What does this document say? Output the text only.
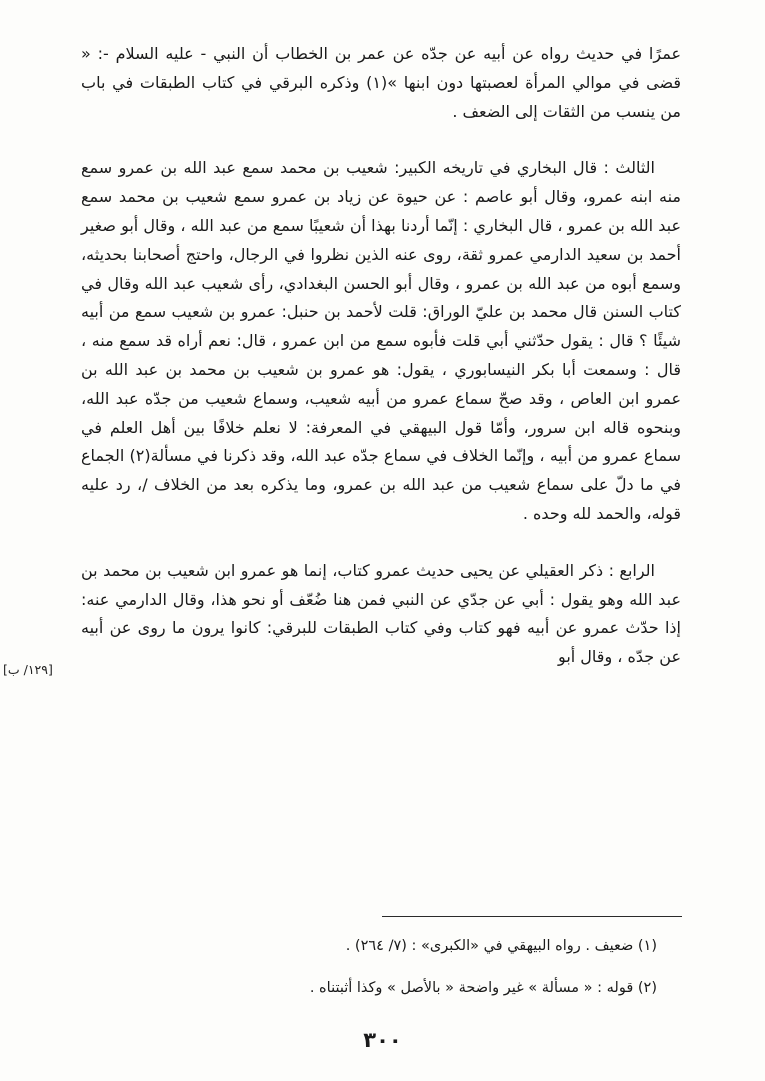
عمرًا في حديث رواه عن أبيه عن جدّه عن عمر بن الخطاب أن النبي - عليه السلام -: « قضى في موالي المرأة لعصبتها دون ابنها »(١) وذكره البرقي في كتاب الطبقات في باب من ينسب من الثقات إلى الضعف .

الثالث : قال البخاري في تاريخه الكبير: شعيب بن محمد سمع عبد الله بن عمرو سمع منه ابنه عمرو، وقال أبو عاصم : عن حيوة عن زياد بن عمرو سمع شعيب بن محمد سمع عبد الله بن عمرو ، قال البخاري : إنّما أردنا بهذا أن شعيبًا سمع من عبد الله ، وقال أبو صغير أحمد بن سعيد الدارمي عمرو ثقة، روى عنه الذين نظروا في الرجال، واحتج أصحابنا بحديثه، وسمع أبوه من عبد الله بن عمرو ، وقال أبو الحسن البغدادي، رأى شعيب عبد الله وقال في كتاب السنن قال محمد بن عليّ الوراق: قلت لأحمد بن حنبل: عمرو بن شعيب سمع من أبيه شيئًا ؟ قال : يقول حدّثني أبي قلت فأبوه سمع من ابن عمرو ، قال: نعم أراه قد سمع منه ، قال : وسمعت أبا بكر النيسابوري ، يقول: هو عمرو بن شعيب بن محمد بن عبد الله بن عمرو ابن العاص ، وقد صحّ سماع عمرو من أبيه شعيب، وسماع شعيب من جدّه عبد الله، وبنحوه قاله ابن سرور، وأمّا قول البيهقي في المعرفة: لا نعلم خلافًا بين أهل العلم في سماع عمرو من أبيه ، وإنّما الخلاف في سماع جدّه عبد الله، وقد ذكرنا في مسألة(٢) الجماع في ما دلّ على سماع شعيب من عبد الله بن عمرو، وما يذكره بعد من الخلاف /، رد عليه قوله، والحمد لله وحده .

الرابع : ذكر العقيلي عن يحيى حديث عمرو كتاب، إنما هو عمرو ابن شعيب بن محمد بن عبد الله وهو يقول : أبي عن جدّي عن النبي فمن هنا ضُعّف أو نحو هذا، وقال الدارمي عنه: إذا حدّث عمرو عن أبيه فهو كتاب وفي كتاب الطبقات للبرقي: كانوا يرون ما روى عن أبيه عن جدّه ، وقال أبو

[١٢٩/ ب]

(١) ضعيف . رواه البيهقي في «الكبرى» : (٧/ ٢٦٤) .

(٢) قوله : « مسألة » غير واضحة « بالأصل » وكذا أثبتناه .

٣٠٠
